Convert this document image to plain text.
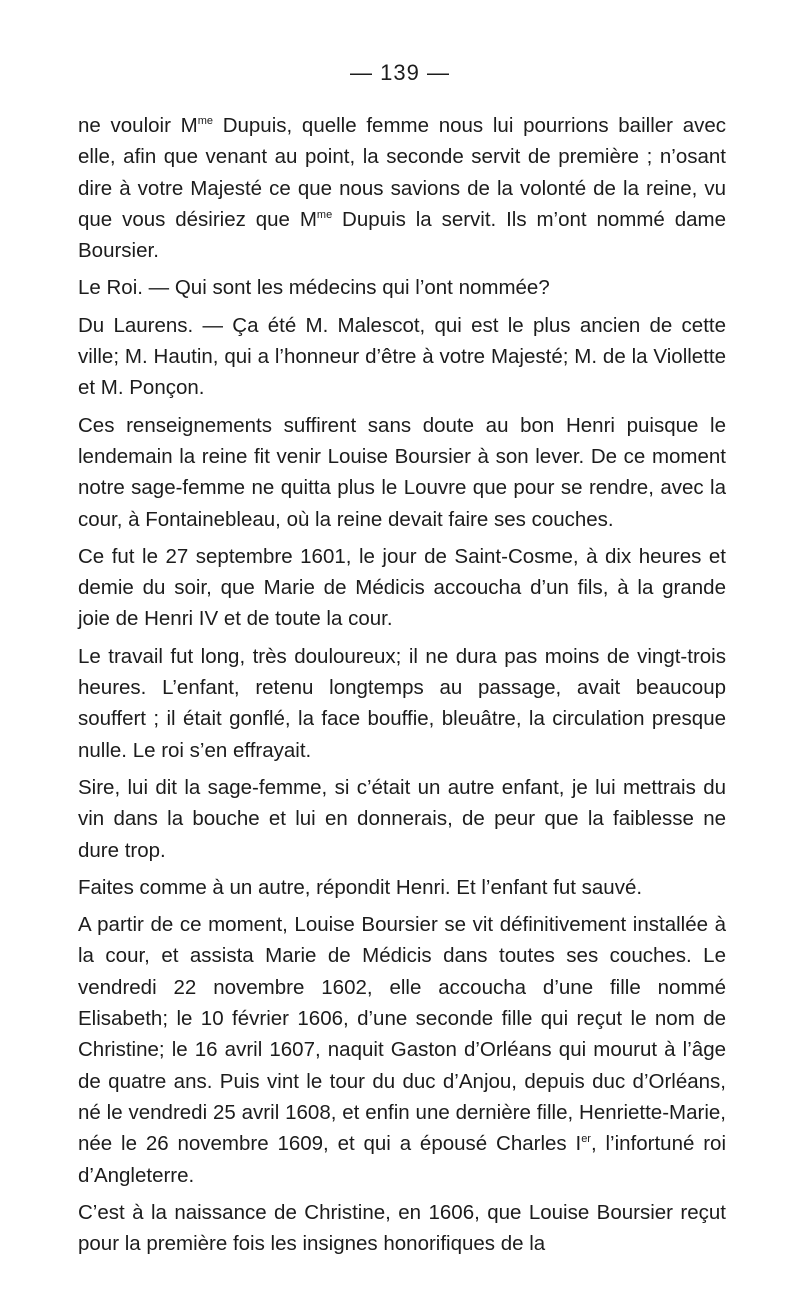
— 139 —

ne vouloir $M^{me}$ Dupuis, quelle femme nous lui pourrions bailler avec elle, afin que venant au point, la seconde servit de première ; n’osant dire à votre Majesté ce que nous savions de la volonté de la reine, vu que vous désiriez que $M^{me}$ Dupuis la servit. Ils m’ont nommé dame Boursier.

Le Roi. — Qui sont les médecins qui l’ont nommée?

Du Laurens. — Ça été M. Malescot, qui est le plus ancien de cette ville; M. Hautin, qui a l’honneur d’être à votre Majesté; M. de la Viollette et M. Ponçon.

Ces renseignements suffirent sans doute au bon Henri puisque le lendemain la reine fit venir Louise Boursier à son lever. De ce moment notre sage-femme ne quitta plus le Louvre que pour se rendre, avec la cour, à Fontainebleau, où la reine devait faire ses couches.

Ce fut le 27 septembre 1601, le jour de Saint-Cosme, à dix heures et demie du soir, que Marie de Médicis accoucha d’un fils, à la grande joie de Henri IV et de toute la cour.

Le travail fut long, très douloureux; il ne dura pas moins de vingt-trois heures. L’enfant, retenu longtemps au passage, avait beaucoup souffert ; il était gonflé, la face bouffie, bleuâtre, la circulation presque nulle. Le roi s’en effrayait.

Sire, lui dit la sage-femme, si c’était un autre enfant, je lui mettrais du vin dans la bouche et lui en donnerais, de peur que la faiblesse ne dure trop.

Faites comme à un autre, répondit Henri. Et l’enfant fut sauvé.

A partir de ce moment, Louise Boursier se vit définitivement installée à la cour, et assista Marie de Médicis dans toutes ses couches. Le vendredi 22 novembre 1602, elle accoucha d’une fille nommé Elisabeth; le 10 février 1606, d’une seconde fille qui reçut le nom de Christine; le 16 avril 1607, naquit Gaston d’Orléans qui mourut à l’âge de quatre ans. Puis vint le tour du duc d’Anjou, depuis duc d’Orléans, né le vendredi 25 avril 1608, et enfin une dernière fille, Henriette-Marie, née le 26 novembre 1609, et qui a épousé Charles Ier, l’infortuné roi d’Angleterre.

C’est à la naissance de Christine, en 1606, que Louise Boursier reçut pour la première fois les insignes honorifiques de la
